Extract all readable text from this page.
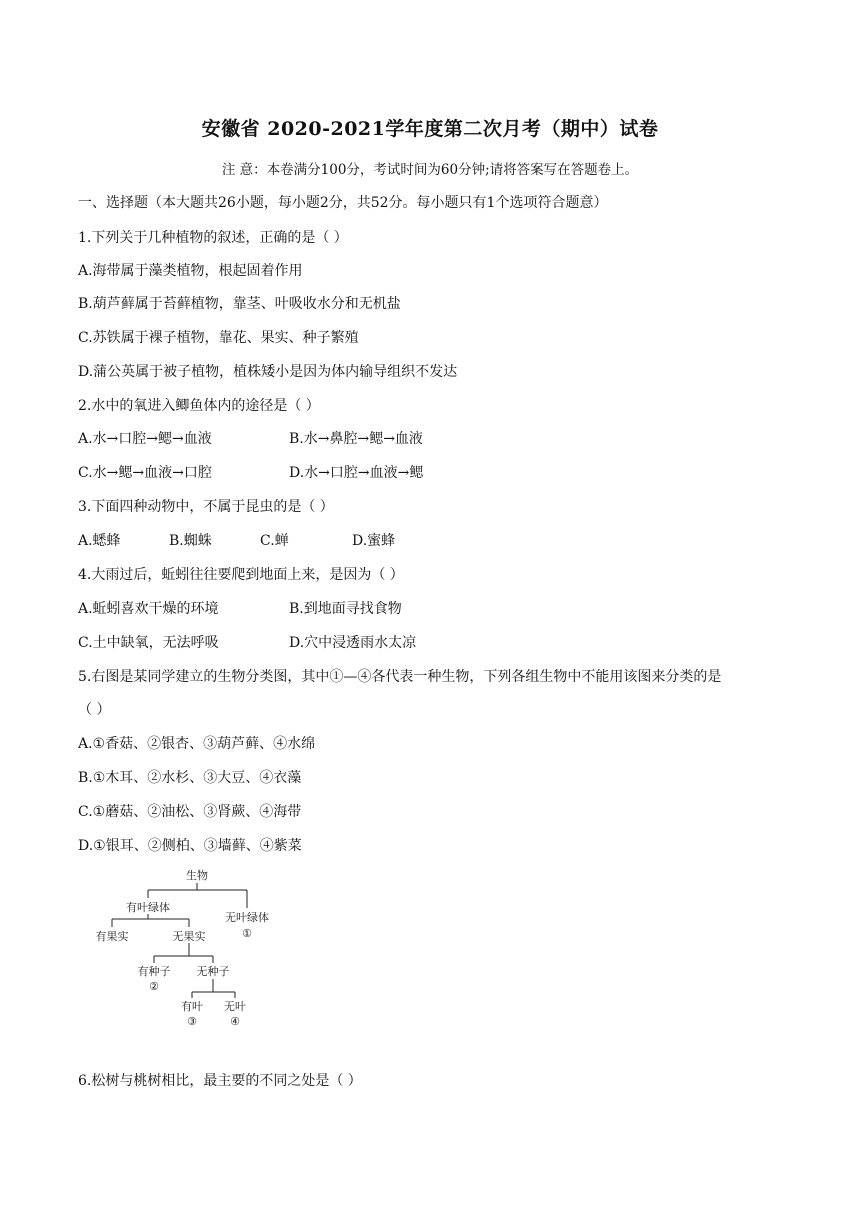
安徽省 2020-2021学年度第二次月考（期中）试卷
注 意：本卷满分100分，考试时间为60分钟;请将答案写在答题卷上。
一、选择题（本大题共26小题，每小题2分，共52分。每小题只有1个选项符合题意）
1.下列关于几种植物的叙述，正确的是（ ）
A.海带属于藻类植物，根起固着作用
B.葫芦藓属于苔藓植物，靠茎、叶吸收水分和无机盐
C.苏铁属于裸子植物，靠花、果实、种子繁殖
D.蒲公英属于被子植物，植株矮小是因为体内输导组织不发达
2.水中的氧进入鲫鱼体内的途径是（ ）
A.水→口腔→鳃→血液	B.水→鼻腔→鳃→血液
C.水→鳃→血液→口腔	D.水→口腔→血液→鳃
3.下面四种动物中，不属于昆虫的是（ ）
A.蟋蜂	B.蜘蛛	C.蝉	D.蜜蜂
4.大雨过后，蚯蚓往往要爬到地面上来，是因为（ ）
A.蚯蚓喜欢干燥的环境	B.到地面寻找食物
C.土中缺氧，无法呼吸	D.穴中浸透雨水太凉
5.右图是某同学建立的生物分类图，其中①—④各代表一种生物，下列各组生物中不能用该图来分类的是
（ ）
A.①香菇、②银杏、③葫芦藓、④水绵
B.①木耳、②水杉、③大豆、④衣藻
C.①蘑菇、②油松、③肾蕨、④海带
D.①银耳、②侧柏、③墙藓、④紫菜
生物
有叶绿体
无叶绿体
①
有果实	无果实
有种子 无种子
②
有叶 无叶
③	④
6.松树与桃树相比，最主要的不同之处是（ ）
